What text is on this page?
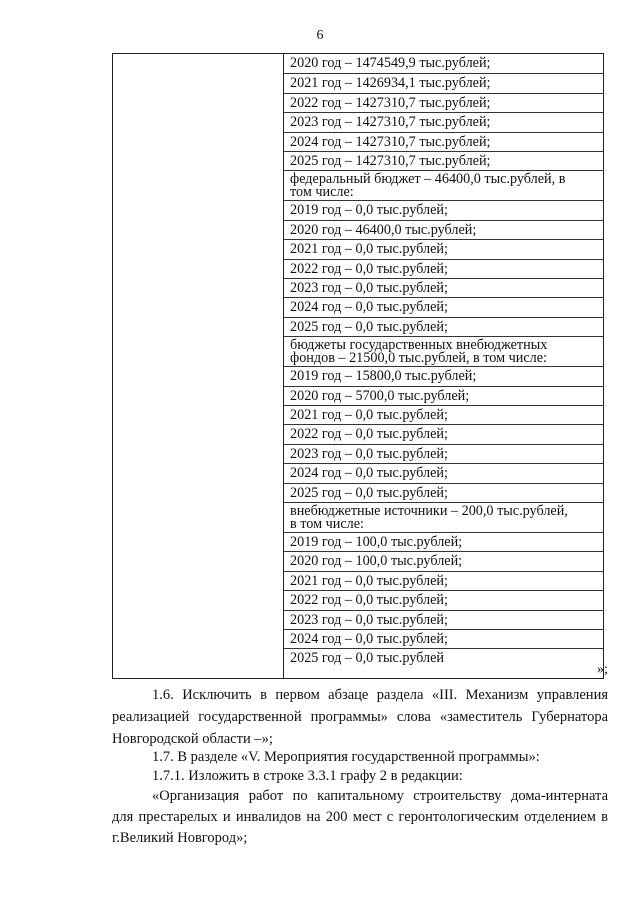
6
2020 год – 1474549,9 тыс.рублей;
2021 год – 1426934,1 тыс.рублей;
2022 год – 1427310,7 тыс.рублей;
2023 год – 1427310,7 тыс.рублей;
2024 год – 1427310,7 тыс.рублей;
2025 год – 1427310,7 тыс.рублей;
федеральный бюджет – 46400,0 тыс.рублей, в
том числе:
2019 год – 0,0 тыс.рублей;
2020 год – 46400,0 тыс.рублей;
2021 год – 0,0 тыс.рублей;
2022 год – 0,0 тыс.рублей;
2023 год – 0,0 тыс.рублей;
2024 год – 0,0 тыс.рублей;
2025 год – 0,0 тыс.рублей;
бюджеты государственных внебюджетных
фондов – 21500,0 тыс.рублей, в том числе:
2019 год – 15800,0 тыс.рублей;
2020 год – 5700,0 тыс.рублей;
2021 год – 0,0 тыс.рублей;
2022 год – 0,0 тыс.рублей;
2023 год – 0,0 тыс.рублей;
2024 год – 0,0 тыс.рублей;
2025 год – 0,0 тыс.рублей;
внебюджетные источники – 200,0 тыс.рублей,
в том числе:
2019 год – 100,0 тыс.рублей;
2020 год – 100,0 тыс.рублей;
2021 год – 0,0 тыс.рублей;
2022 год – 0,0 тыс.рублей;
2023 год – 0,0 тыс.рублей;
2024 год – 0,0 тыс.рублей;
2025 год – 0,0 тыс.рублей
»;
1.6. Исключить в первом абзаце раздела «III. Механизм управления
реализацией государственной программы» слова «заместитель Губернатора
Новгородской области –»;
1.7. В разделе «V. Мероприятия государственной программы»:
1.7.1. Изложить в строке 3.3.1 графу 2 в редакции:
«Организация работ по капитальному строительству дома-интерната
для престарелых и инвалидов на 200 мест с геронтологическим отделением в
г.Великий Новгород»;
